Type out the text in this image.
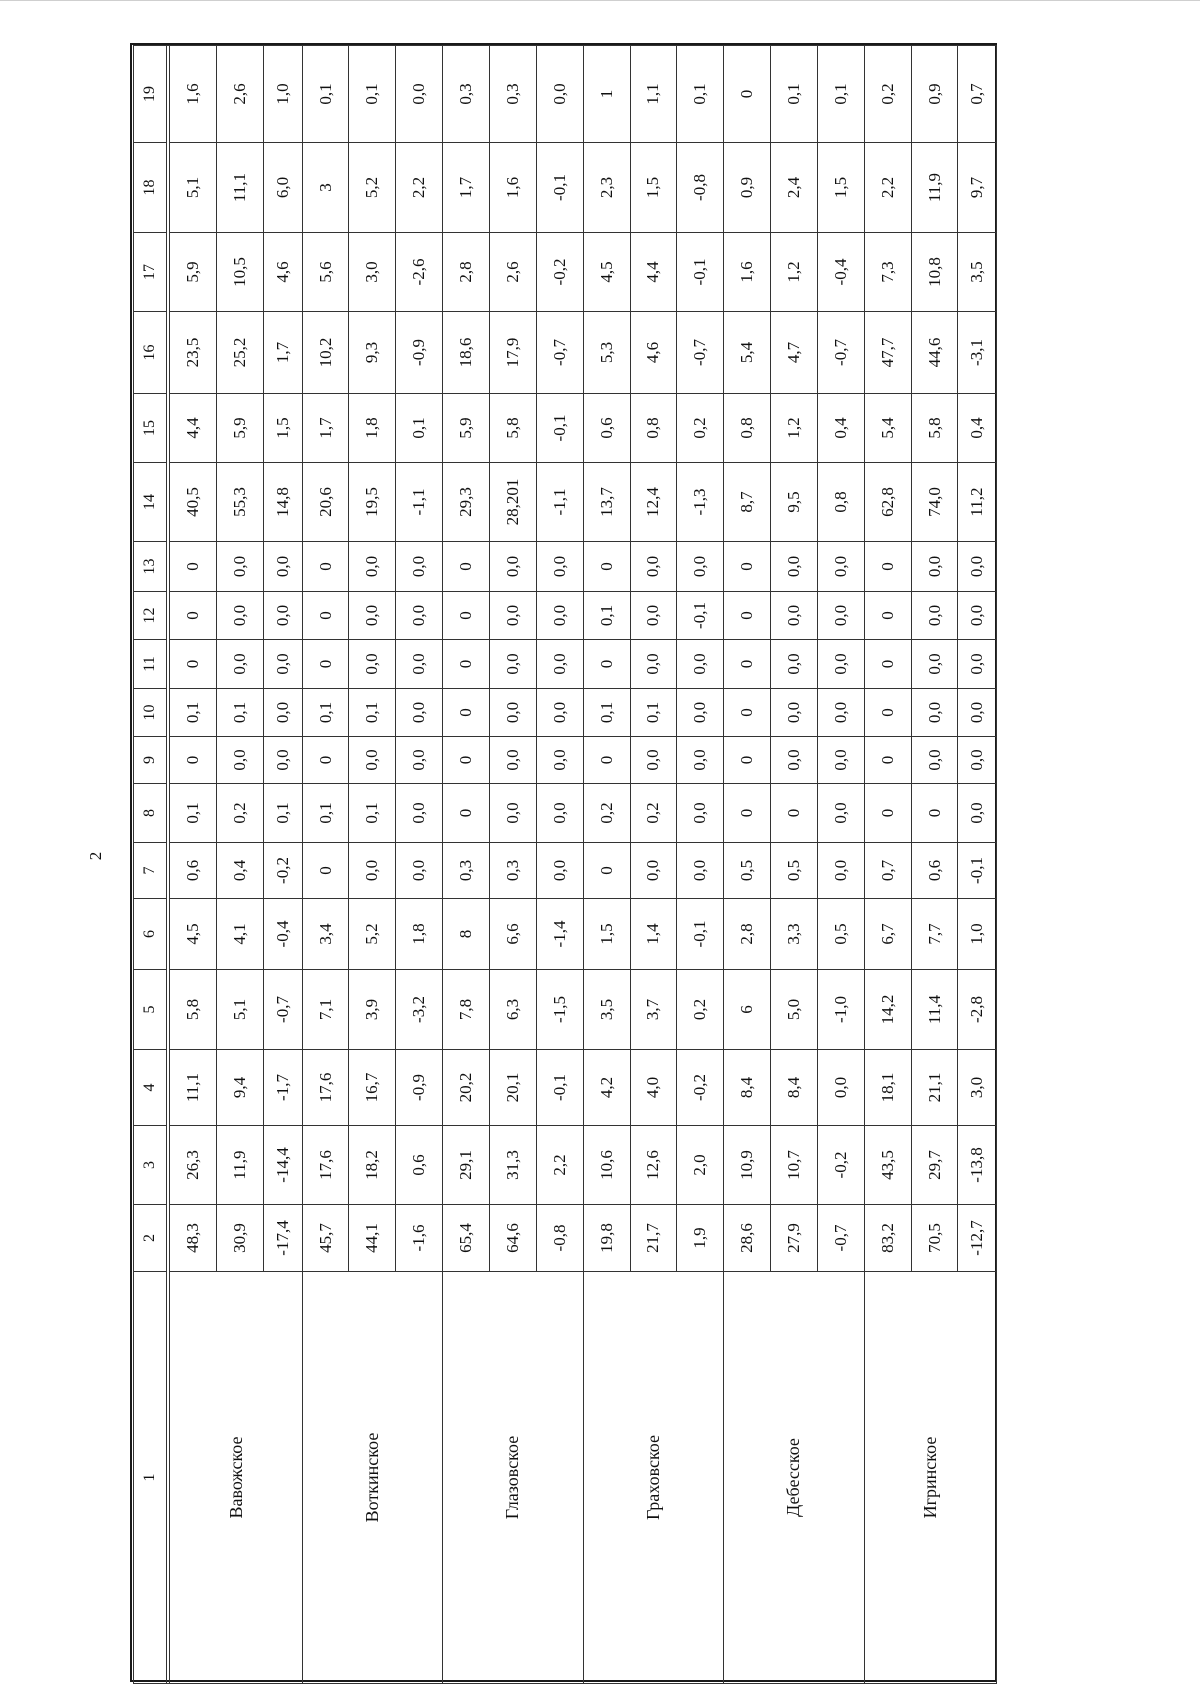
2
1	2	3	4	5	6	7	8	9	10	11	12	13	14	15	16	17	18	19

Вавожское	48,3	26,3	11,1	5,8	4,5	0,6	0,1	0	0,1	0	0	0	40,5	4,4	23,5	5,9	5,1	1,6
	30,9	11,9	9,4	5,1	4,1	0,4	0,2	0,0	0,1	0,0	0,0	0,0	55,3	5,9	25,2	10,5	11,1	2,6
	-17,4	-14,4	-1,7	-0,7	-0,4	-0,2	0,1	0,0	0,0	0,0	0,0	0,0	14,8	1,5	1,7	4,6	6,0	1,0
Воткинское	45,7	17,6	17,6	7,1	3,4	0	0,1	0	0,1	0	0	0	20,6	1,7	10,2	5,6	3	0,1
	44,1	18,2	16,7	3,9	5,2	0,0	0,1	0,0	0,1	0,0	0,0	0,0	19,5	1,8	9,3	3,0	5,2	0,1
	-1,6	0,6	-0,9	-3,2	1,8	0,0	0,0	0,0	0,0	0,0	0,0	0,0	-1,1	0,1	-0,9	-2,6	2,2	0,0
Глазовское	65,4	29,1	20,2	7,8	8	0,3	0	0	0	0	0	0	29,3	5,9	18,6	2,8	1,7	0,3
	64,6	31,3	20,1	6,3	6,6	0,3	0,0	0,0	0,0	0,0	0,0	0,0	28,201	5,8	17,9	2,6	1,6	0,3
	-0,8	2,2	-0,1	-1,5	-1,4	0,0	0,0	0,0	0,0	0,0	0,0	0,0	-1,1	-0,1	-0,7	-0,2	-0,1	0,0
Граховское	19,8	10,6	4,2	3,5	1,5	0	0,2	0	0,1	0	0,1	0	13,7	0,6	5,3	4,5	2,3	1
	21,7	12,6	4,0	3,7	1,4	0,0	0,2	0,0	0,1	0,0	0,0	0,0	12,4	0,8	4,6	4,4	1,5	1,1
	1,9	2,0	-0,2	0,2	-0,1	0,0	0,0	0,0	0,0	0,0	-0,1	0,0	-1,3	0,2	-0,7	-0,1	-0,8	0,1
Дебесское	28,6	10,9	8,4	6	2,8	0,5	0	0	0	0	0	0	8,7	0,8	5,4	1,6	0,9	0
	27,9	10,7	8,4	5,0	3,3	0,5	0	0,0	0,0	0,0	0,0	0,0	9,5	1,2	4,7	1,2	2,4	0,1
	-0,7	-0,2	0,0	-1,0	0,5	0,0	0,0	0,0	0,0	0,0	0,0	0,0	0,8	0,4	-0,7	-0,4	1,5	0,1
Игринское	83,2	43,5	18,1	14,2	6,7	0,7	0	0	0	0	0	0	62,8	5,4	47,7	7,3	2,2	0,2
	70,5	29,7	21,1	11,4	7,7	0,6	0	0,0	0,0	0,0	0,0	0,0	74,0	5,8	44,6	10,8	11,9	0,9
	-12,7	-13,8	3,0	-2,8	1,0	-0,1	0,0	0,0	0,0	0,0	0,0	0,0	11,2	0,4	-3,1	3,5	9,7	0,7
